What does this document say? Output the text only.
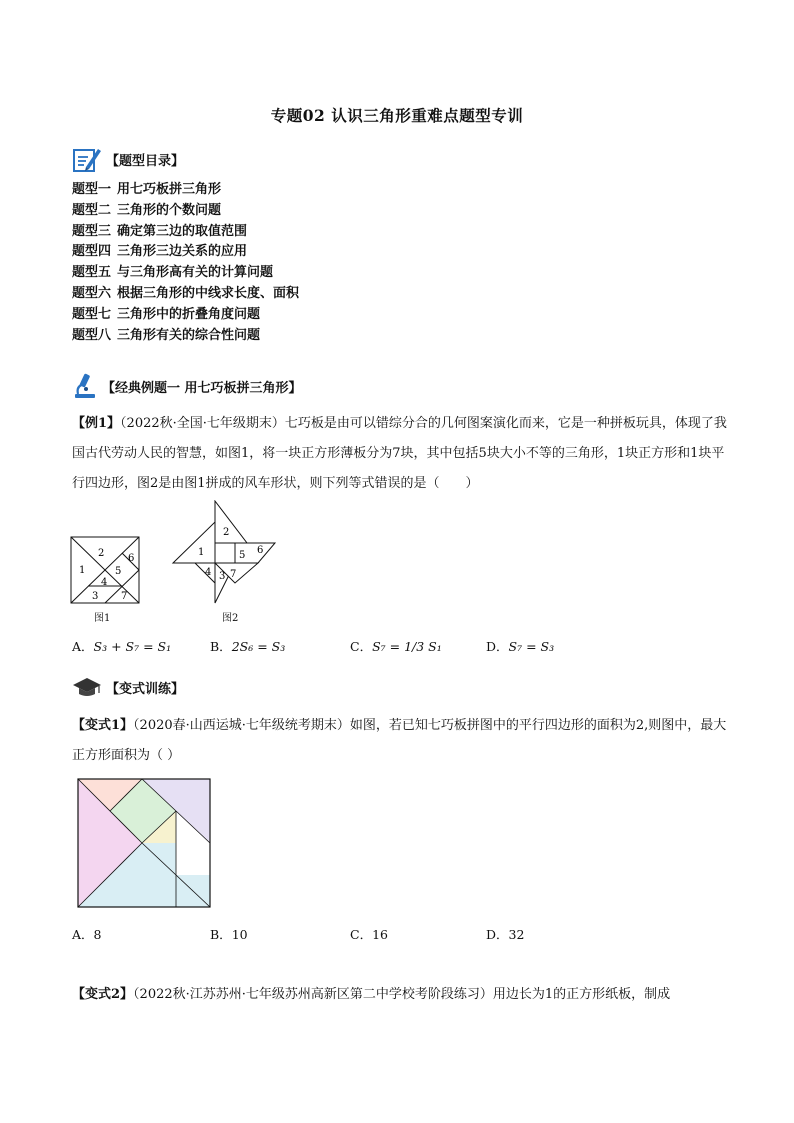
专题02 认识三角形重难点题型专训
【题型目录】
题型一 用七巧板拼三角形
题型二 三角形的个数问题
题型三 确定第三边的取值范围
题型四 三角形三边关系的应用
题型五 与三角形高有关的计算问题
题型六 根据三角形的中线求长度、面积
题型七 三角形中的折叠角度问题
题型八 三角形有关的综合性问题
【经典例题一 用七巧板拼三角形】
【例1】（2022秋·全国·七年级期末）七巧板是由可以错综分合的几何图案演化而来，它是一种拼板玩具，体现了我国古代劳动人民的智慧，如图1，将一块正方形薄板分为7块，其中包括5块大小不等的三角形，1块正方形和1块平行四边形，图2是由图1拼成的风车形状，则下列等式错误的是（　　）
2
1
6
5
4
3 7
图1
2
1	5 6
4 3 7
图2
A．S₃ + S₇ = S₁	B．2S₆ = S₃	C．S₇ = 1/3 S₁	D．S₇ = S₃
【变式训练】
【变式1】（2020春·山西运城·七年级统考期末）如图，若已知七巧板拼图中的平行四边形的面积为2,则图中，最大正方形面积为（ ）
A．8	B．10	C．16	D．32
【变式2】（2022秋·江苏苏州·七年级苏州高新区第二中学校考阶段练习）用边长为1的正方形纸板，制成
